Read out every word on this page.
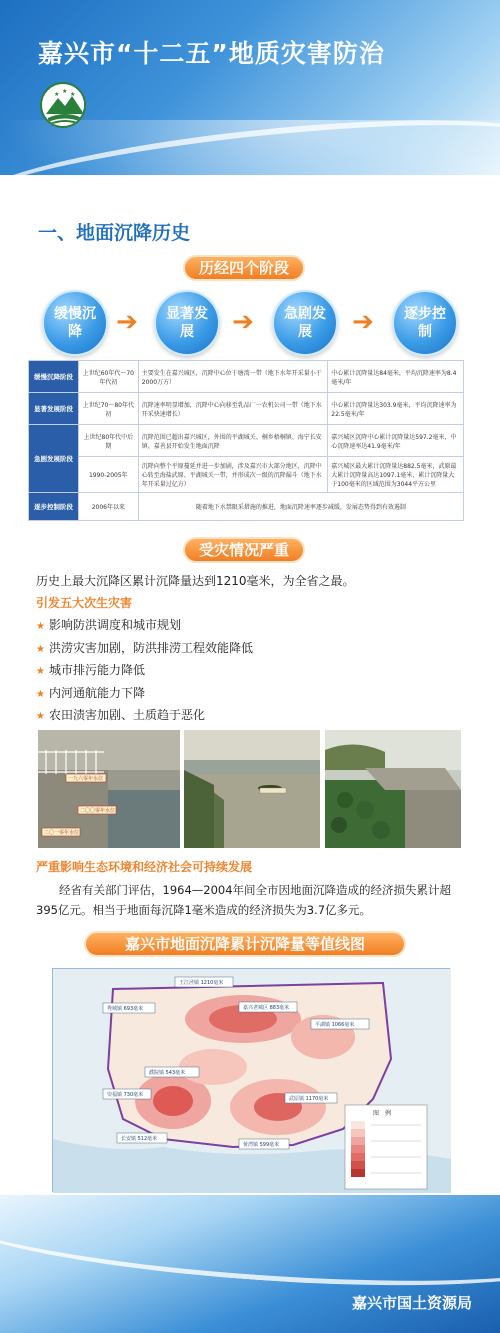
嘉兴市“十二五”地质灾害防治
★ ★ ★
一、地面沉降历史
历经四个阶段
缓慢沉降	➔	显著发展	➔	急剧发展	➔	逐步控制
缓慢沉降阶段	上世纪60年代～70年代初	主要发生在嘉兴城区，沉降中心位于塘湾一带（地下水年开采量小于2000万方）	中心累计沉降量达84毫米，平均沉降速率为8.4毫米/年
显著发展阶段	上世纪70～80年代初	沉降速率明显增加，沉降中心向移至乳品厂一农机公司一带（地下水开采快速增长）	中心累计沉降量达303.9毫米，平均沉降速率为22.5毫米/年
急剧发展阶段	上世纪80年代中后期	沉降范围已超出嘉兴城区，外围的平湖城关、桐乡梧桐镇、海宁长安镇、嘉善县开始发生地面沉降	嘉兴城区沉降中心累计沉降量达597.2毫米，中心沉降速率达41.9毫米/年
	1990-2005年	沉降向整个平原蔓延并进一步加剧，涉及嘉兴市大部分地区，沉降中心转至海盐武原、平湖城关一带，并形成次一级的沉降漏斗（地下水年开采量过亿方）	嘉兴城区最大累计沉降量达882.5毫米，武原最大累计沉降量高达1097.1毫米，累计沉降量大于100毫米的区域范围为3044平方公里
逐步控制阶段	2006年以来	随着地下水禁限采措施的推进，地面沉降速率逐步减缓，发展态势得到有效遏制	
受灾情况严重
历史上最大沉降区累计沉降量达到1210毫米，为全省之最。
引发五大次生灾害
★ 影响防洪调度和城市规划
★ 洪涝灾害加剧，防洪排涝工程效能降低
★ 城市排污能力降低
★ 内河通航能力下降
★ 农田渍害加剧、土质趋于恶化
一九六零年水位
二〇〇零年水位
二〇一零年水位
严重影响生态环境和经济社会可持续发展
经省有关部门评估，1964—2004年间全市因地面沉降造成的经济损失累计超395亿元。相当于地面每沉降1毫米造成的经济损失为3.7亿多元。
嘉兴市地面沉降累计沉降量等值线图
王江泾镇 1210毫米
秀城镇 693毫米	嘉兴老城区 883毫米
平湖镇 1066毫米
濮院镇 543毫米
崇福镇 730毫米
长安镇 512毫米
武原镇 1170毫米
黄湾镇 599毫米
图　例
嘉兴市国土资源局
